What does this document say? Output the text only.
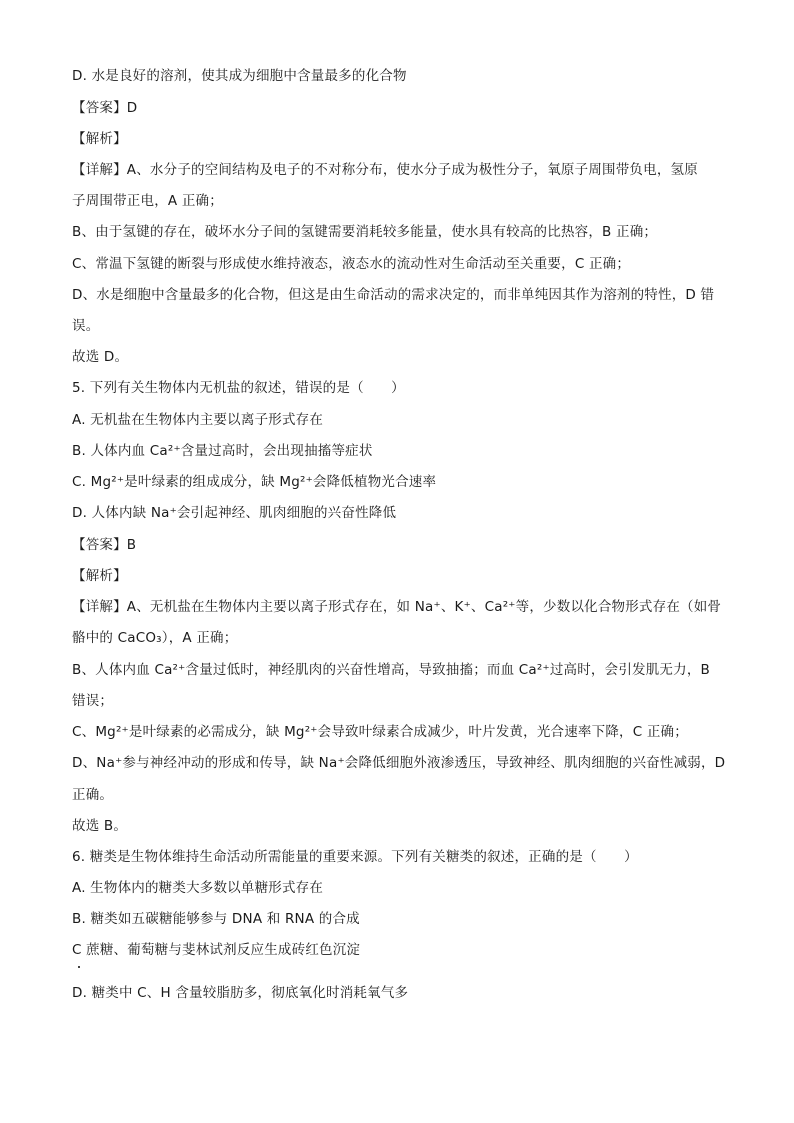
D. 水是良好的溶剂，使其成为细胞中含量最多的化合物
【答案】D
【解析】
【详解】A、水分子的空间结构及电子的不对称分布，使水分子成为极性分子，氧原子周围带负电，氢原
子周围带正电，A 正确；
B、由于氢键的存在，破坏水分子间的氢键需要消耗较多能量，使水具有较高的比热容，B 正确；
C、常温下氢键的断裂与形成使水维持液态，液态水的流动性对生命活动至关重要，C 正确；
D、水是细胞中含量最多的化合物，但这是由生命活动的需求决定的，而非单纯因其作为溶剂的特性，D 错
误。
故选 D。
5. 下列有关生物体内无机盐的叙述，错误的是（　　）
A. 无机盐在生物体内主要以离子形式存在
B. 人体内血 Ca²⁺含量过高时，会出现抽搐等症状
C. Mg²⁺是叶绿素的组成成分，缺 Mg²⁺会降低植物光合速率
D. 人体内缺 Na⁺会引起神经、肌肉细胞的兴奋性降低
【答案】B
【解析】
【详解】A、无机盐在生物体内主要以离子形式存在，如 Na⁺、K⁺、Ca²⁺等，少数以化合物形式存在（如骨
骼中的 CaCO₃），A 正确；
B、人体内血 Ca²⁺含量过低时，神经肌肉的兴奋性增高，导致抽搐；而血 Ca²⁺过高时，会引发肌无力，B
错误；
C、Mg²⁺是叶绿素的必需成分，缺 Mg²⁺会导致叶绿素合成减少，叶片发黄，光合速率下降，C 正确；
D、Na⁺参与神经冲动的形成和传导，缺 Na⁺会降低细胞外液渗透压，导致神经、肌肉细胞的兴奋性减弱，D
正确。
故选 B。
6. 糖类是生物体维持生命活动所需能量的重要来源。下列有关糖类的叙述，正确的是（　　）
A. 生物体内的糖类大多数以单糖形式存在
B. 糖类如五碳糖能够参与 DNA 和 RNA 的合成
C 蔗糖、葡萄糖与斐林试剂反应生成砖红色沉淀
D. 糖类中 C、H 含量较脂肪多，彻底氧化时消耗氧气多
